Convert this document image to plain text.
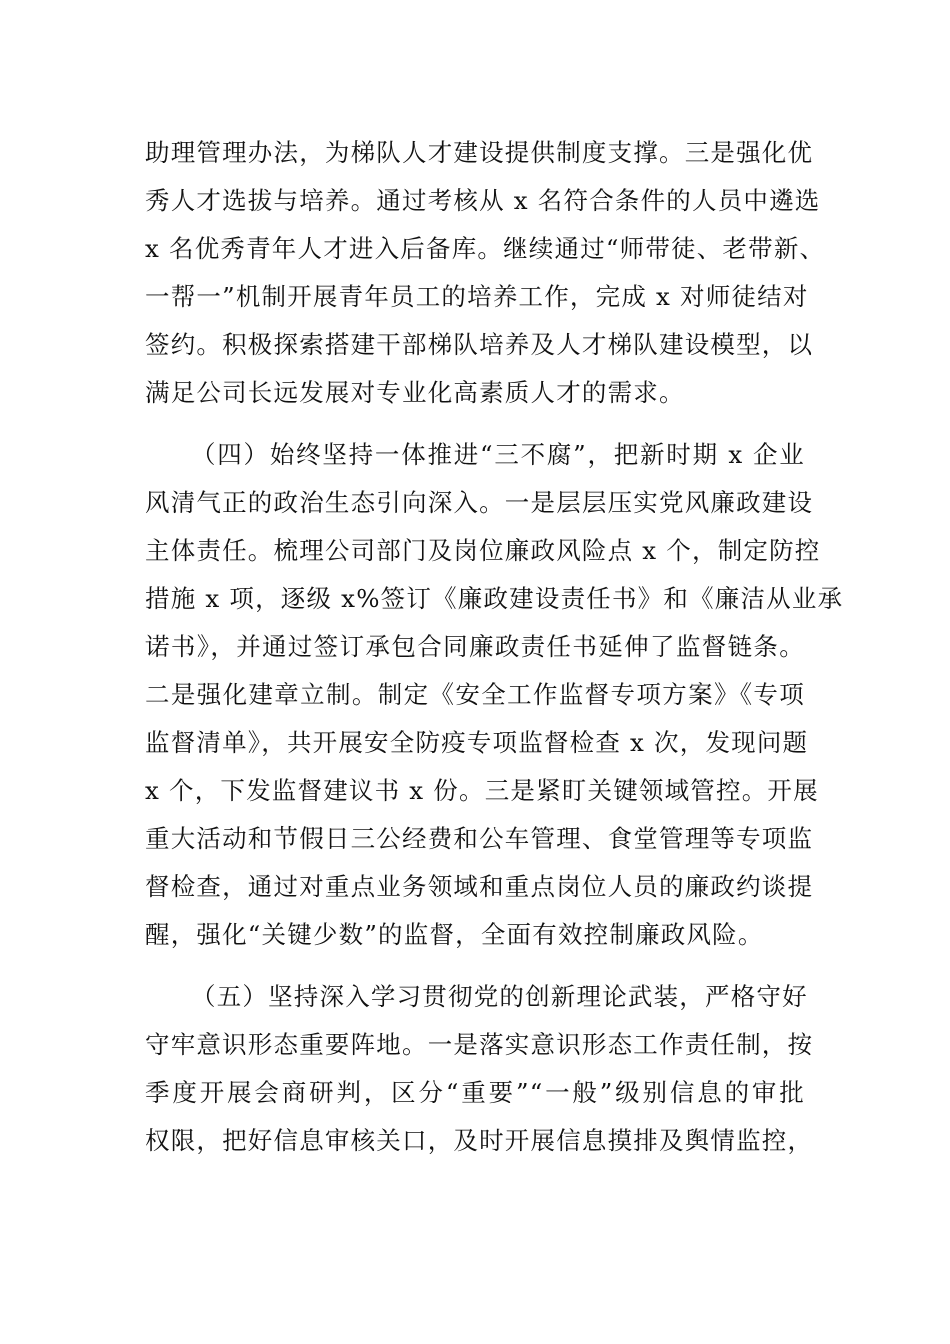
助理管理办法，为梯队人才建设提供制度支撑。三是强化优
秀人才选拔与培养。通过考核从 x 名符合条件的人员中遴选
x 名优秀青年人才进入后备库。继续通过“师带徒、老带新、
一帮一”机制开展青年员工的培养工作，完成 x 对师徒结对
签约。积极探索搭建干部梯队培养及人才梯队建设模型，以
满足公司长远发展对专业化高素质人才的需求。
（四）始终坚持一体推进“三不腐”，把新时期 x 企业
风清气正的政治生态引向深入。一是层层压实党风廉政建设
主体责任。梳理公司部门及岗位廉政风险点 x 个，制定防控
措施 x 项，逐级 x%签订《廉政建设责任书》和《廉洁从业承
诺书》，并通过签订承包合同廉政责任书延伸了监督链条。
二是强化建章立制。制定《安全工作监督专项方案》《专项
监督清单》，共开展安全防疫专项监督检查 x 次，发现问题
x 个，下发监督建议书 x 份。三是紧盯关键领域管控。开展
重大活动和节假日三公经费和公车管理、食堂管理等专项监
督检查，通过对重点业务领域和重点岗位人员的廉政约谈提
醒，强化“关键少数”的监督，全面有效控制廉政风险。
（五）坚持深入学习贯彻党的创新理论武装，严格守好
守牢意识形态重要阵地。一是落实意识形态工作责任制，按
季度开展会商研判，区分“重要”“一般”级别信息的审批
权限，把好信息审核关口，及时开展信息摸排及舆情监控，
